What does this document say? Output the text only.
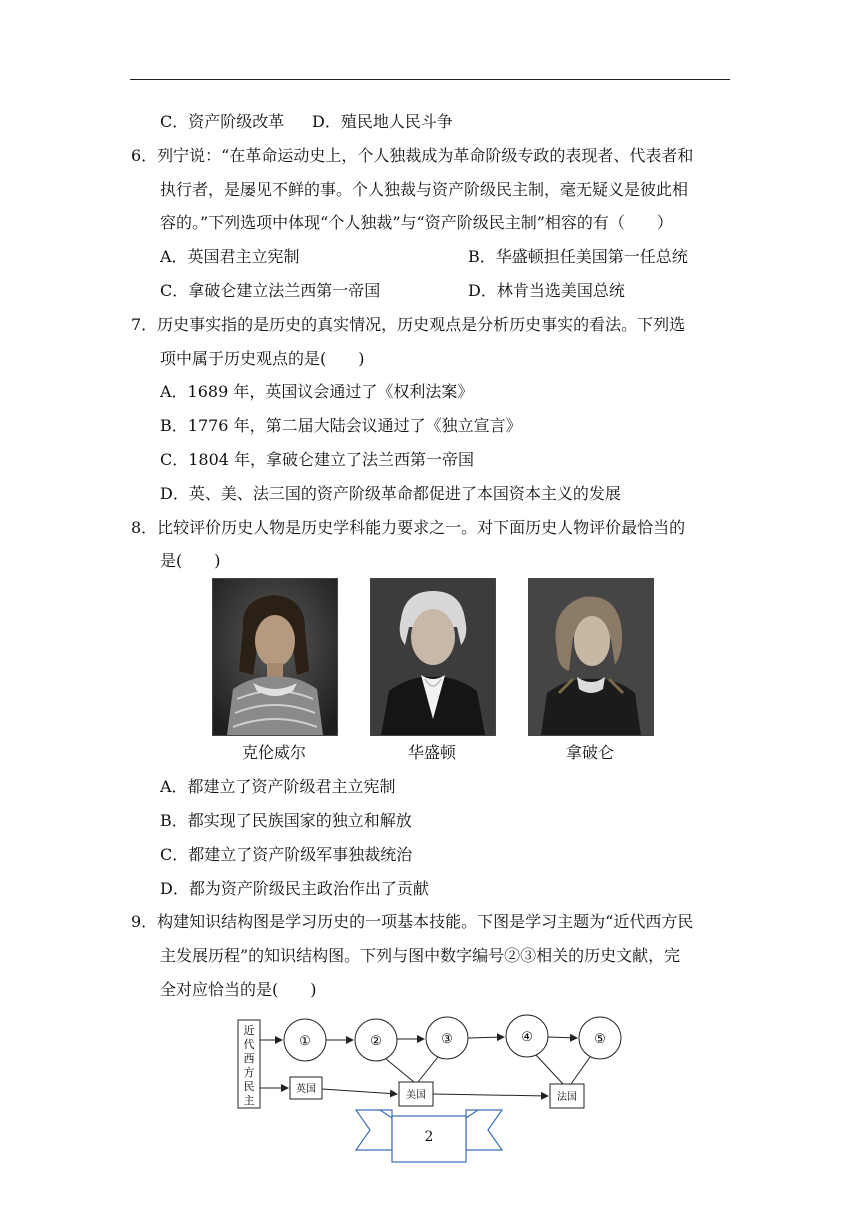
C．资产阶级改革 D．殖民地人民斗争
6．列宁说：“在革命运动史上，个人独裁成为革命阶级专政的表现者、代表者和
执行者，是屡见不鲜的事。个人独裁与资产阶级民主制，毫无疑义是彼此相
容的。”下列选项中体现“个人独裁”与“资产阶级民主制”相容的有（　　）
A．英国君主立宪制	B．华盛顿担任美国第一任总统
C．拿破仑建立法兰西第一帝国	D．林肯当选美国总统
7．历史事实指的是历史的真实情况，历史观点是分析历史事实的看法。下列选
项中属于历史观点的是(　　)
A．1689 年，英国议会通过了《权利法案》
B．1776 年，第二届大陆会议通过了《独立宣言》
C．1804 年，拿破仑建立了法兰西第一帝国
D．英、美、法三国的资产阶级革命都促进了本国资本主义的发展
8．比较评价历史人物是历史学科能力要求之一。对下面历史人物评价最恰当的
是(　　)
克伦威尔	华盛顿	拿破仑
A．都建立了资产阶级君主立宪制
B．都实现了民族国家的独立和解放
C．都建立了资产阶级军事独裁统治
D．都为资产阶级民主政治作出了贡献
9．构建知识结构图是学习历史的一项基本技能。下图是学习主题为“近代西方民
主发展历程”的知识结构图。下列与图中数字编号②③相关的历史文献，完
全对应恰当的是(　　)
近
代
西
方
民
主
①	②	③	④	⑤
英国
美国	法国
2
